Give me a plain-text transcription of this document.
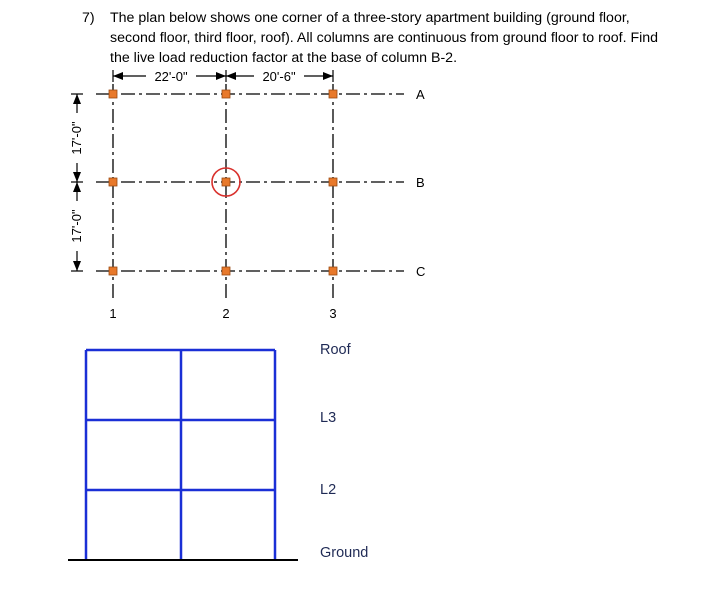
7) The plan below shows one corner of a three-story apartment building (ground floor,
second floor, third floor, roof). All columns are continuous from ground floor to roof. Find
the live load reduction factor at the base of column B-2.
22'-0"	20'-6"
17'-0"
17'-0"
A
B
C
1	2	3
Roof
L3
L2
Ground
